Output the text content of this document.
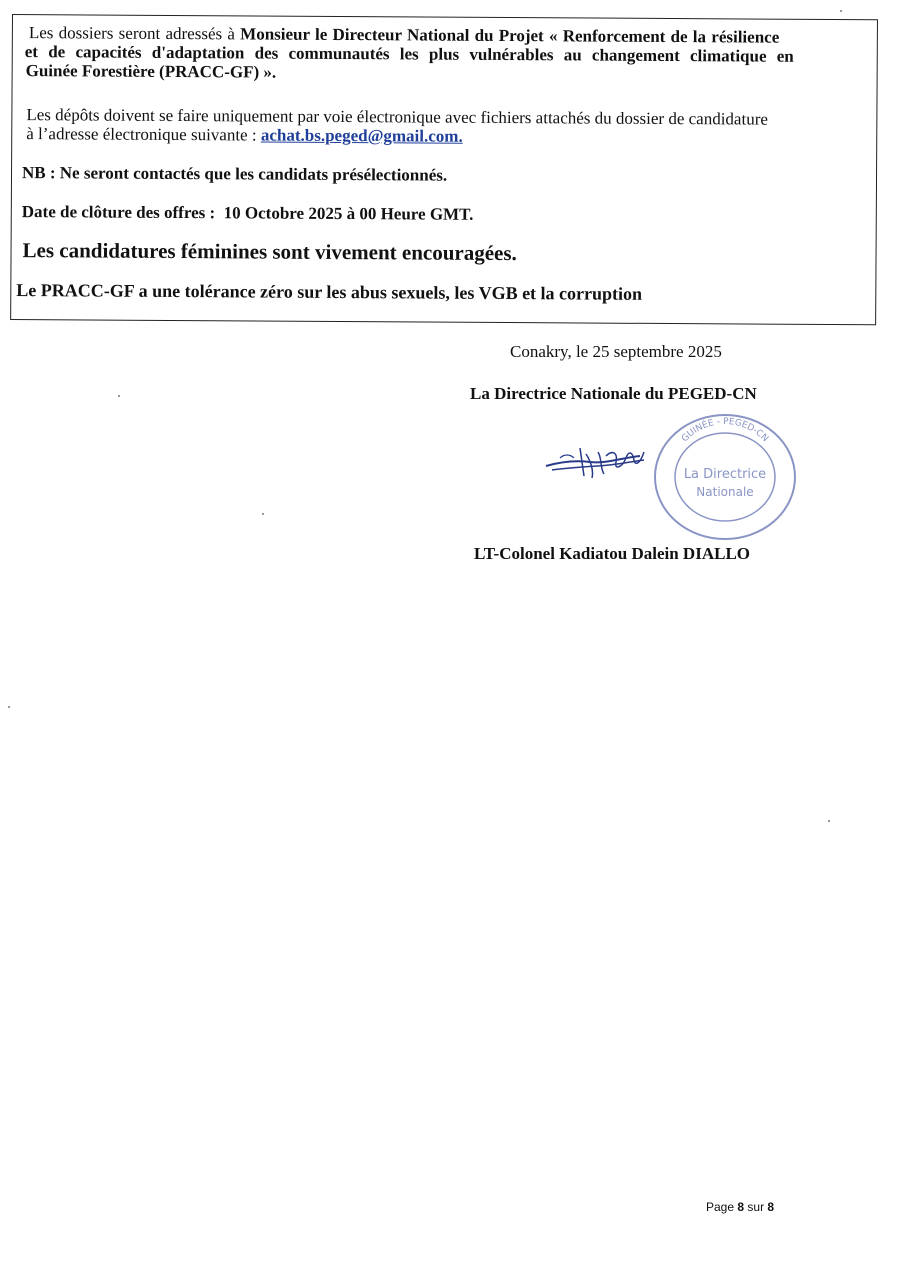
Les dossiers seront adressés à Monsieur le Directeur National du Projet « Renforcement de la résilience
et de capacités d'adaptation des communautés les plus vulnérables au changement climatique en
Guinée Forestière (PRACC-GF) ».
Les dépôts doivent se faire uniquement par voie électronique avec fichiers attachés du dossier de candidature
à l’adresse électronique suivante : achat.bs.peged@gmail.com.
NB : Ne seront contactés que les candidats présélectionnés.
Date de clôture des offres : 10 Octobre 2025 à 00 Heure GMT.
Les candidatures féminines sont vivement encouragées.
Le PRACC-GF a une tolérance zéro sur les abus sexuels, les VGB et la corruption
Conakry, le 25 septembre 2025
La Directrice Nationale du PEGED-CN
GUINÉE - PEGED-CN
La Directrice
Nationale
LT-Colonel Kadiatou Dalein DIALLO
Page 8 sur 8
